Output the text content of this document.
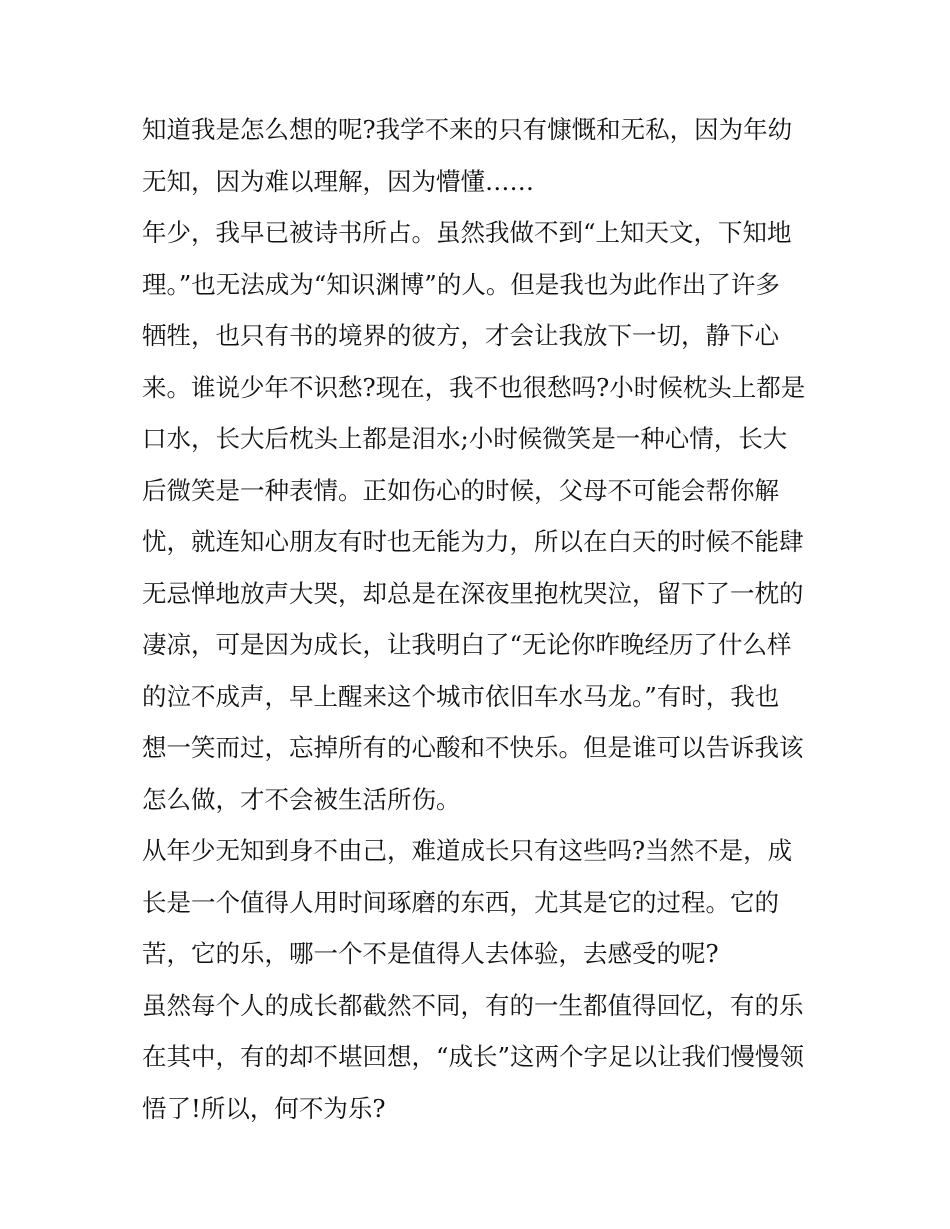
知道我是怎么想的呢?我学不来的只有慷慨和无私，因为年幼
无知，因为难以理解，因为懵懂……
年少，我早已被诗书所占。虽然我做不到“上知天文，下知地
理。”也无法成为“知识渊博”的人。但是我也为此作出了许多
牺牲，也只有书的境界的彼方，才会让我放下一切，静下心
来。谁说少年不识愁?现在，我不也很愁吗?小时候枕头上都是
口水，长大后枕头上都是泪水;小时候微笑是一种心情，长大
后微笑是一种表情。正如伤心的时候，父母不可能会帮你解
忧，就连知心朋友有时也无能为力，所以在白天的时候不能肆
无忌惮地放声大哭，却总是在深夜里抱枕哭泣，留下了一枕的
凄凉，可是因为成长，让我明白了“无论你昨晚经历了什么样
的泣不成声，早上醒来这个城市依旧车水马龙。”有时，我也
想一笑而过，忘掉所有的心酸和不快乐。但是谁可以告诉我该
怎么做，才不会被生活所伤。
从年少无知到身不由己，难道成长只有这些吗?当然不是，成
长是一个值得人用时间琢磨的东西，尤其是它的过程。它的
苦，它的乐，哪一个不是值得人去体验，去感受的呢?
虽然每个人的成长都截然不同，有的一生都值得回忆，有的乐
在其中，有的却不堪回想，“成长”这两个字足以让我们慢慢领
悟了!所以，何不为乐?
